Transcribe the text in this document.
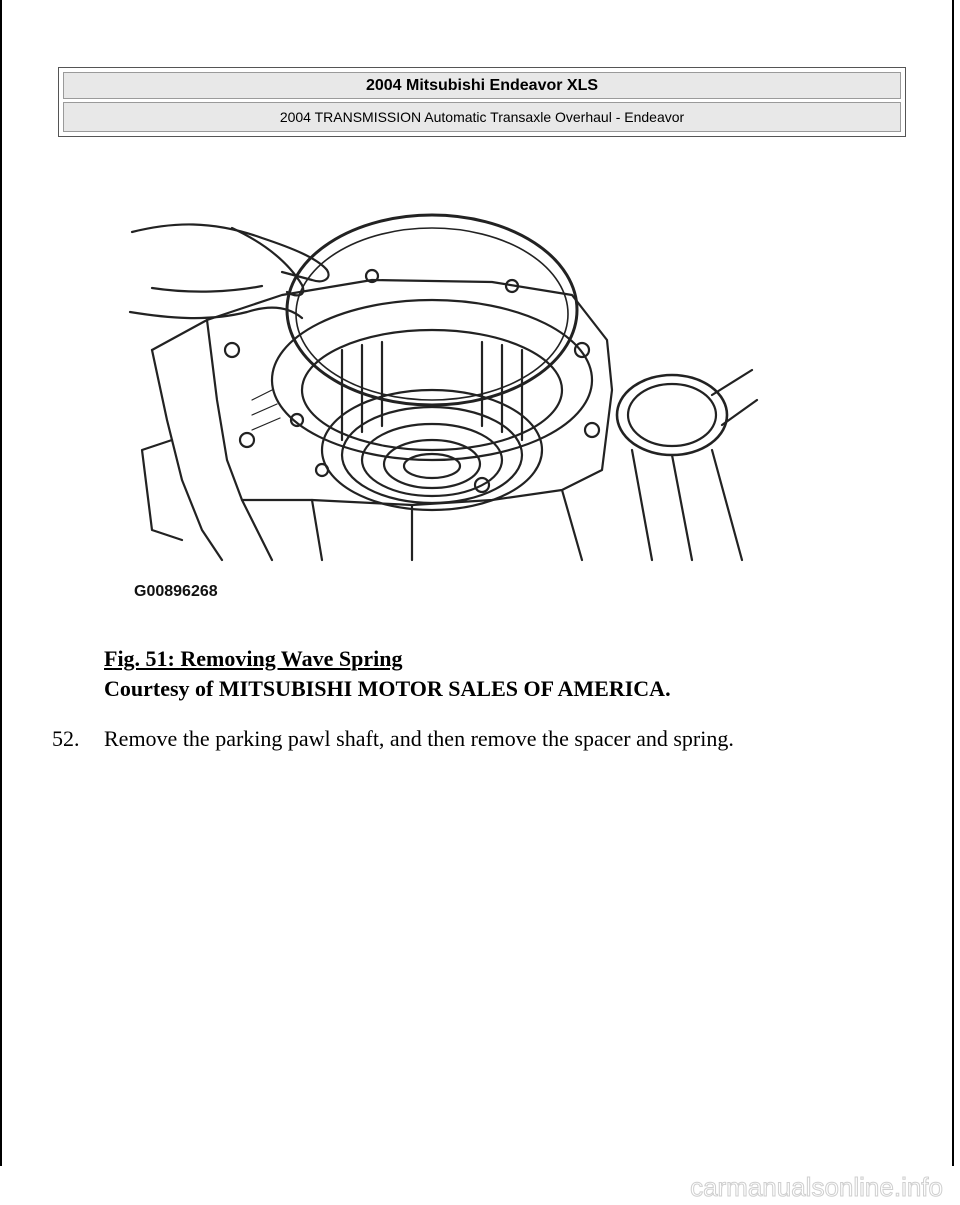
2004 Mitsubishi Endeavor XLS
2004 TRANSMISSION Automatic Transaxle Overhaul - Endeavor
G00896268
Fig. 51: Removing Wave Spring
Courtesy of MITSUBISHI MOTOR SALES OF AMERICA.
52. Remove the parking pawl shaft, and then remove the spacer and spring.
carmanualsonline.info
